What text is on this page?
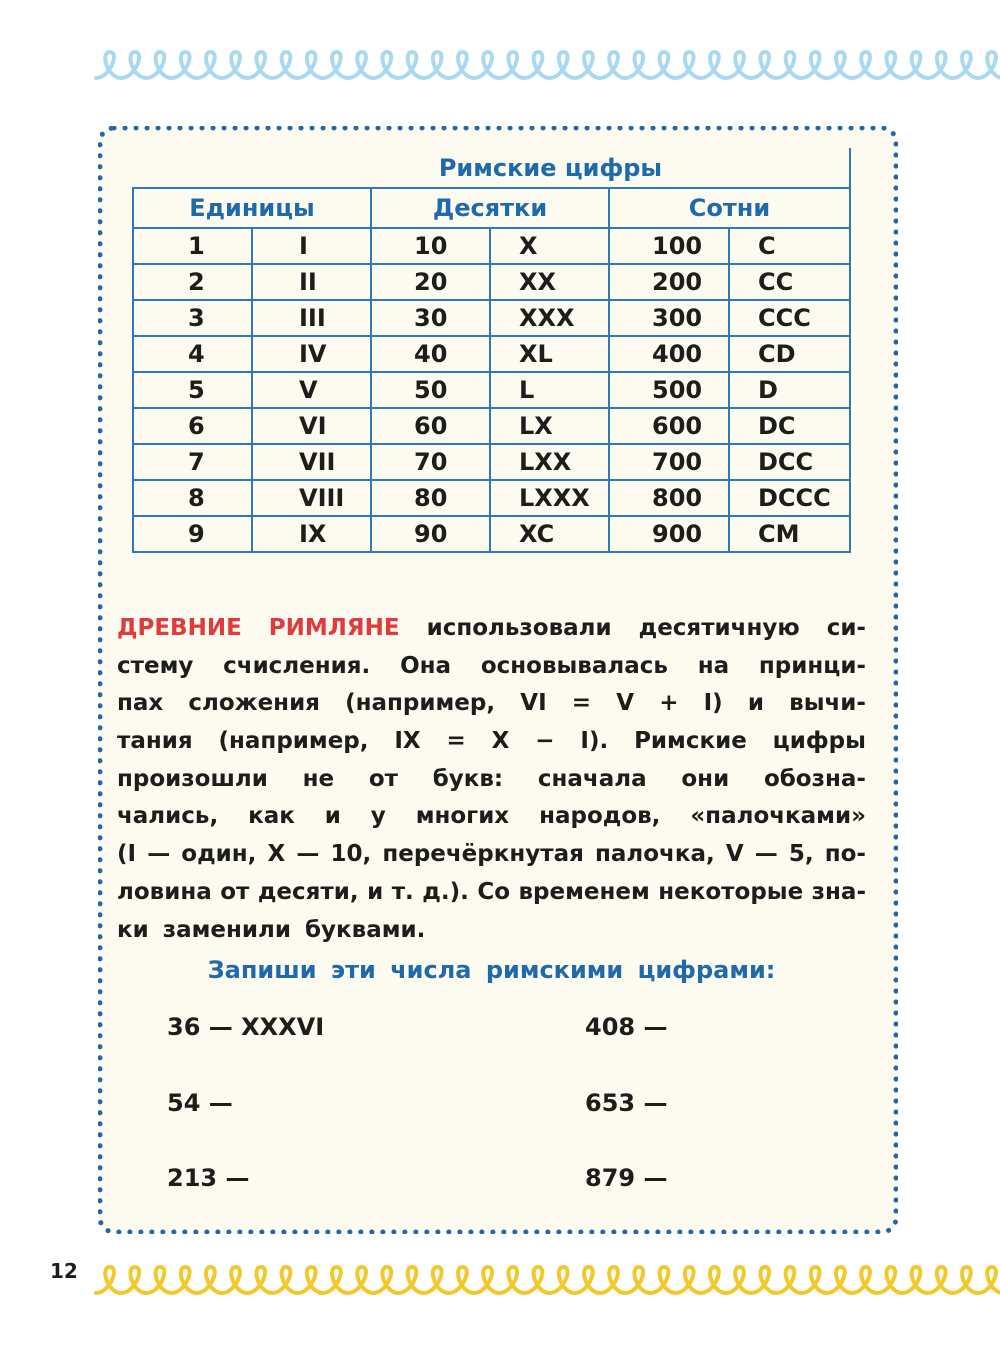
	Римские цифры				
Единицы		Десятки		Сотни	
1	I	10	X	100	C
2	II	20	XX	200	CC
3	III	30	XXX	300	CCC
4	IV	40	XL	400	CD
5	V	50	L	500	D
6	VI	60	LX	600	DC
7	VII	70	LXX	700	DCC
8	VIII	80	LXXX	800	DCCC
9	IX	90	XC	900	CM
ДРЕВНИЕ РИМЛЯНЕ использовали десятичную си-
стему счисления. Она основывалась на принци-
пах сложения (например, VI = V + I) и вычи-
тания (например, IX = X − I). Римские цифры
произошли не от букв: сначала они обозна-
чались, как и у многих народов, «палочками»
(I — один, X — 10, перечёркнутая палочка, V — 5, по-
ловина от десяти, и т. д.). Со временем некоторые зна-
ки заменили буквами.
Запиши эти числа римскими цифрами:
36 — XXXVI	408 —
54 —	653 —
213 —	879 —
12
